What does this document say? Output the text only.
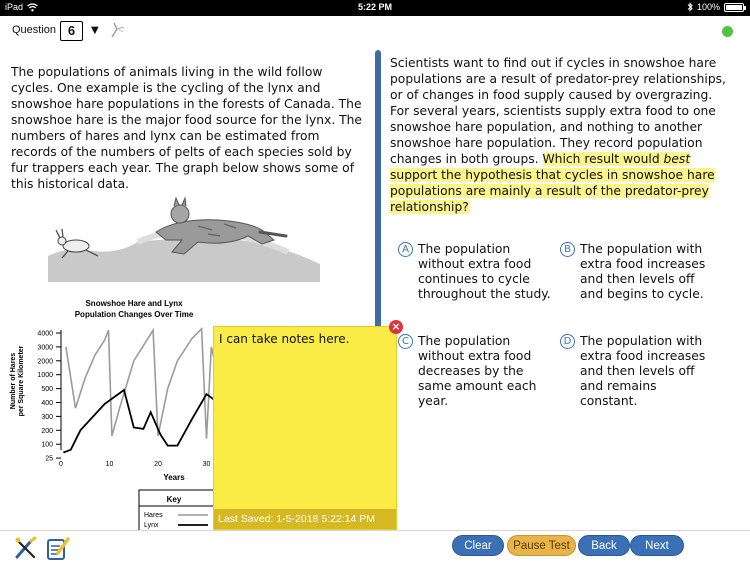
iPad	5:22 PM	100%
Question 6	▼

The populations of animals living in the wild follow cycles. One example is the cycling of the lynx and snowshoe hare populations in the forests of Canada. The snowshoe hare is the major food source for the lynx. The numbers of hares and lynx can be estimated from records of the numbers of pelts of each species sold by fur trappers each year. The graph below shows some of this historical data.

Snowshoe Hare and Lynx
Population Changes Over Time
Number of Hares per Square Kilometer
4000
3000
2000
1000
500
400
300
200
100
25
0	10	20	30
Years
Key
Hares
Lynx
Scientists want to find out if cycles in snowshoe hare populations are a result of predator-prey relationships, or of changes in food supply caused by overgrazing. For several years, scientists supply extra food to one snowshoe hare population, and nothing to another snowshoe hare population. They record population changes in both groups. Which result would best support the hypothesis that cycles in snowshoe hare populations are mainly a result of the predator-prey relationship?
A The population without extra food continues to cycle throughout the study.
B The population with extra food increases and then levels off and begins to cycle.
C The population without extra food decreases by the same amount each year.
D The population with extra food increases and then levels off and remains constant.
I can take notes here.
Last Saved: 1-5-2018 5:22:14 PM
×
Clear	Pause Test	Back	Next
